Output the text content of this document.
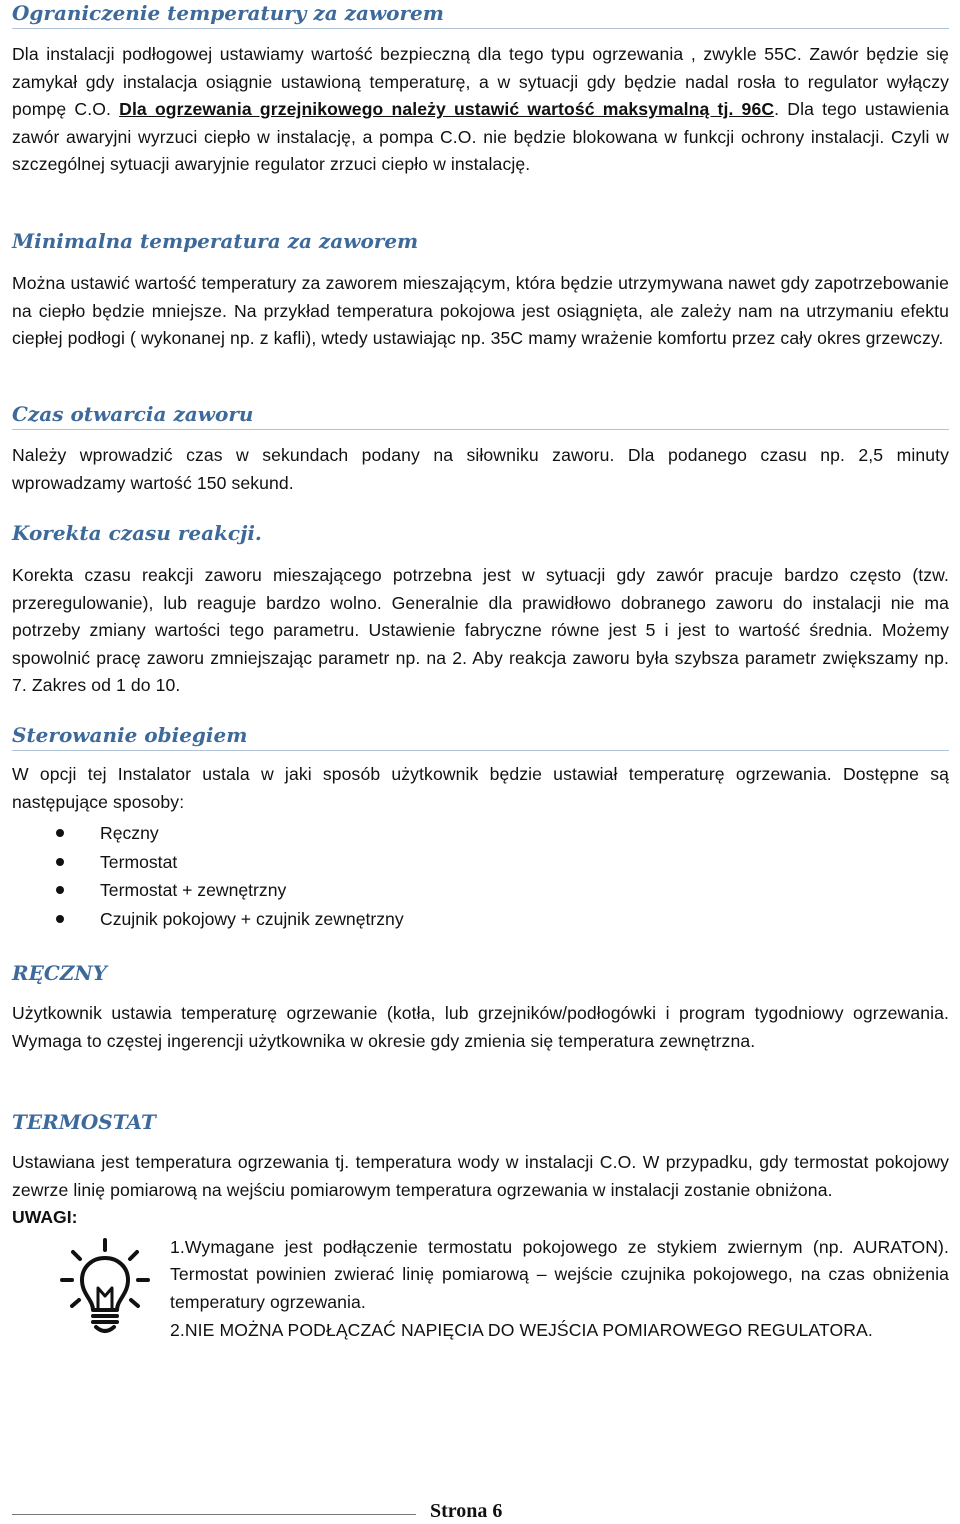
Ograniczenie temperatury za zaworem

Dla instalacji podłogowej ustawiamy wartość bezpieczną dla tego typu ogrzewania , zwykle 55C. Zawór będzie się zamykał gdy instalacja osiągnie ustawioną temperaturę, a w sytuacji gdy będzie nadal rosła to regulator wyłączy pompę C.O. Dla ogrzewania grzejnikowego należy ustawić wartość maksymalną tj. 96C. Dla tego ustawienia zawór awaryjni wyrzuci ciepło w instalację, a pompa C.O. nie będzie blokowana w funkcji ochrony instalacji. Czyli w szczególnej sytuacji awaryjnie regulator zrzuci ciepło w instalację.

Minimalna temperatura za zaworem

Można ustawić wartość temperatury za zaworem mieszającym, która będzie utrzymywana nawet gdy zapotrzebowanie na ciepło będzie mniejsze. Na przykład temperatura pokojowa jest osiągnięta, ale zależy nam na utrzymaniu efektu ciepłej podłogi ( wykonanej np. z kafli), wtedy ustawiając np. 35C mamy wrażenie komfortu przez cały okres grzewczy.

Czas otwarcia zaworu

Należy wprowadzić czas w sekundach podany na siłowniku zaworu. Dla podanego czasu np. 2,5 minuty wprowadzamy wartość 150 sekund.

Korekta czasu reakcji.

Korekta czasu reakcji zaworu mieszającego potrzebna jest w sytuacji gdy zawór pracuje bardzo często (tzw. przeregulowanie), lub reaguje bardzo wolno. Generalnie dla prawidłowo dobranego zaworu do instalacji nie ma potrzeby zmiany wartości tego parametru. Ustawienie fabryczne równe jest 5 i jest to wartość średnia. Możemy spowolnić pracę zaworu zmniejszając parametr np. na 2. Aby reakcja zaworu była szybsza parametr zwiększamy np. 7. Zakres od 1 do 10.

Sterowanie obiegiem

W opcji tej Instalator ustala w jaki sposób użytkownik będzie ustawiał temperaturę ogrzewania. Dostępne są następujące sposoby:

Ręczny
Termostat
Termostat + zewnętrzny
Czujnik pokojowy + czujnik zewnętrzny
RĘCZNY

Użytkownik ustawia temperaturę ogrzewanie (kotła, lub grzejników/podłogówki i program tygodniowy ogrzewania. Wymaga to częstej ingerencji użytkownika w okresie gdy zmienia się temperatura zewnętrzna.

TERMOSTAT

Ustawiana jest temperatura ogrzewania tj. temperatura wody w instalacji C.O. W przypadku, gdy termostat pokojowy zewrze linię pomiarową na wejściu pomiarowym temperatura ogrzewania w instalacji zostanie obniżona.

UWAGI:

1.Wymagane jest podłączenie termostatu pokojowego ze stykiem zwiernym (np. AURATON). Termostat powinien zwierać linię pomiarową – wejście czujnika pokojowego, na czas obniżenia temperatury ogrzewania.

2.NIE MOŻNA PODŁĄCZAĆ NAPIĘCIA DO WEJŚCIA POMIAROWEGO REGULATORA.

Strona 6
